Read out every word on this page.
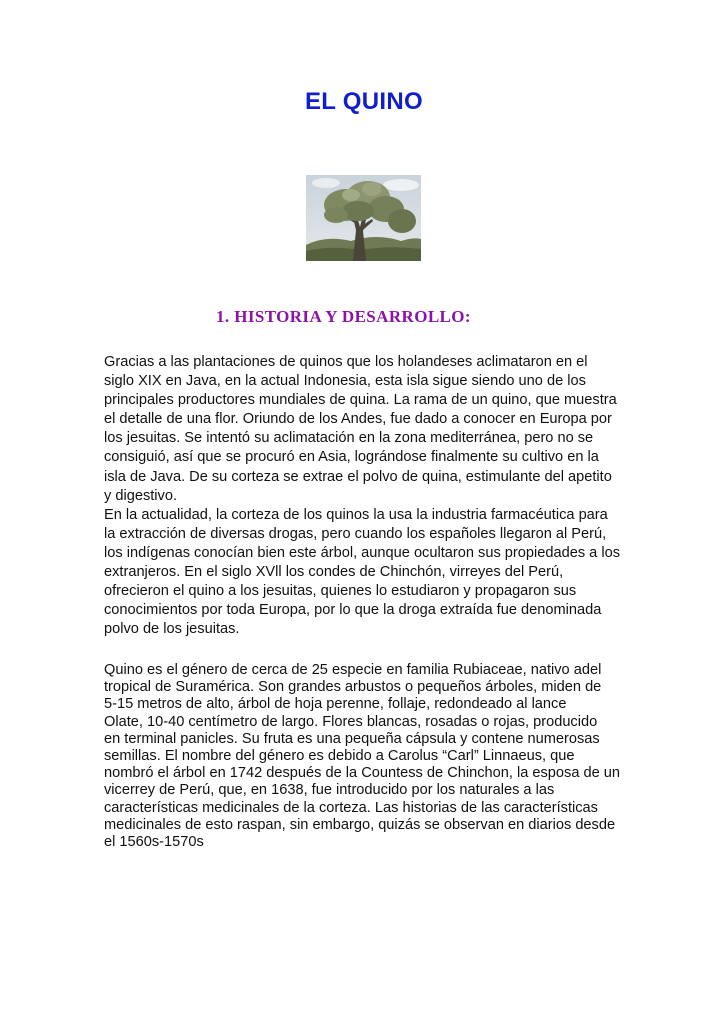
EL QUINO
1. HISTORIA Y DESARROLLO:
Gracias a las plantaciones de quinos que los holandeses aclimataron en el
siglo XIX en Java, en la actual Indonesia, esta isla sigue siendo uno de los
principales productores mundiales de quina. La rama de un quino, que muestra
el detalle de una flor. Oriundo de los Andes, fue dado a conocer en Europa por
los jesuitas. Se intentó su aclimatación en la zona mediterránea, pero no se
consiguió, así que se procuró en Asia, lográndose finalmente su cultivo en la
isla de Java. De su corteza se extrae el polvo de quina, estimulante del apetito
y digestivo.
En la actualidad, la corteza de los quinos la usa la industria farmacéutica para
la extracción de diversas drogas, pero cuando los españoles llegaron al Perú,
los indígenas conocían bien este árbol, aunque ocultaron sus propiedades a los
extranjeros. En el siglo XVll los condes de Chinchón, virreyes del Perú,
ofrecieron el quino a los jesuitas, quienes lo estudiaron y propagaron sus
conocimientos por toda Europa, por lo que la droga extraída fue denominada
polvo de los jesuitas.
Quino es el género de cerca de 25 especie en familia Rubiaceae, nativo adel
tropical de Suramérica. Son grandes arbustos o pequeños árboles, miden de
5-15 metros de alto, árbol de hoja perenne, follaje, redondeado al lance
Olate, 10-40 centímetro de largo. Flores blancas, rosadas o rojas, producido
en terminal panicles. Su fruta es una pequeña cápsula y contene numerosas
semillas. El nombre del género es debido a Carolus “Carl” Linnaeus, que
nombró el árbol en 1742 después de la Countess de Chinchon, la esposa de un
vicerrey de Perú, que, en 1638, fue introducido por los naturales a las
características medicinales de la corteza. Las historias de las características
medicinales de esto raspan, sin embargo, quizás se observan en diarios desde
el 1560s-1570s
